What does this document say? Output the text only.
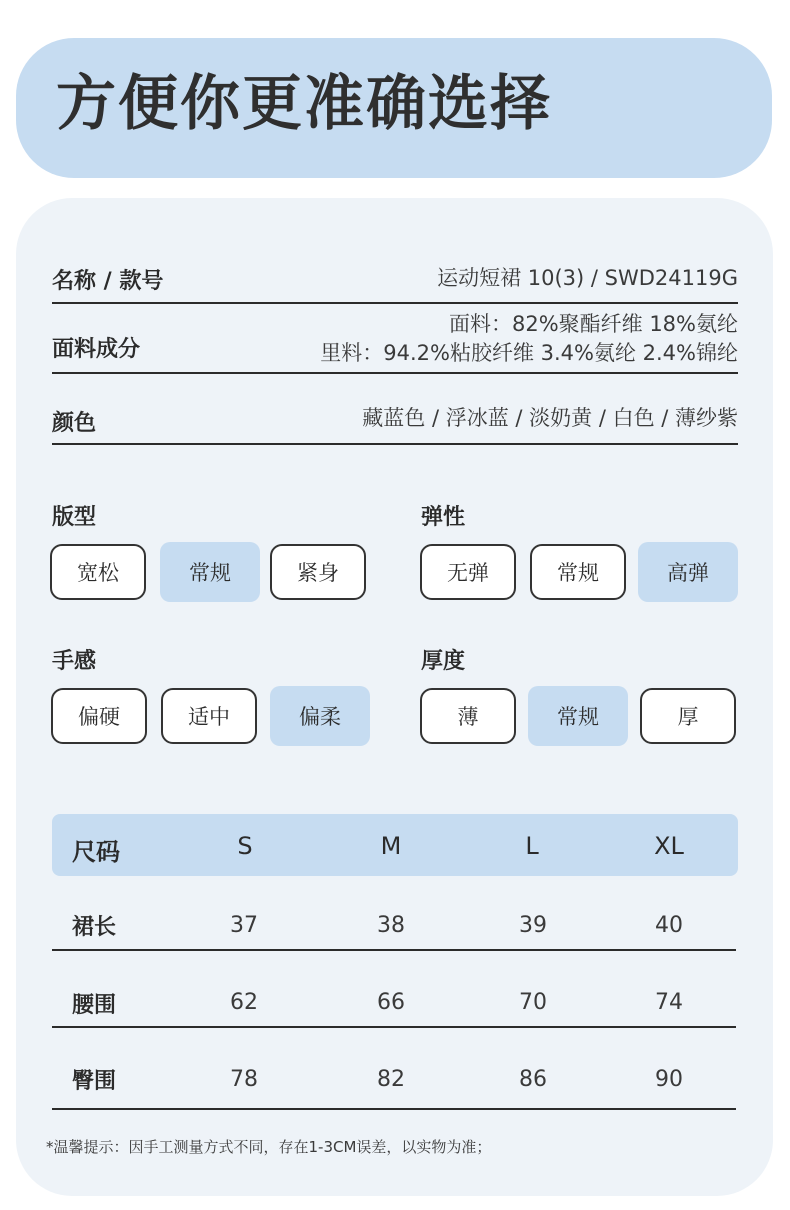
方便你更准确选择
名称 / 款号	运动短裙 10(3) / SWD24119G
面料成分
面料：82%聚酯纤维 18%氨纶
里料：94.2%粘胶纤维 3.4%氨纶 2.4%锦纶
颜色	藏蓝色 / 浮冰蓝 / 淡奶黄 / 白色 / 薄纱紫
版型
宽松	常规	紧身
弹性
无弹	常规	高弹
手感
偏硬	适中	偏柔
厚度
薄	常规	厚
尺码	S	M	L	XL
裙长	37	38	39	40
腰围	62	66	70	74
臀围	78	82	86	90
*温馨提示：因手工测量方式不同，存在1-3CM误差，以实物为准；
